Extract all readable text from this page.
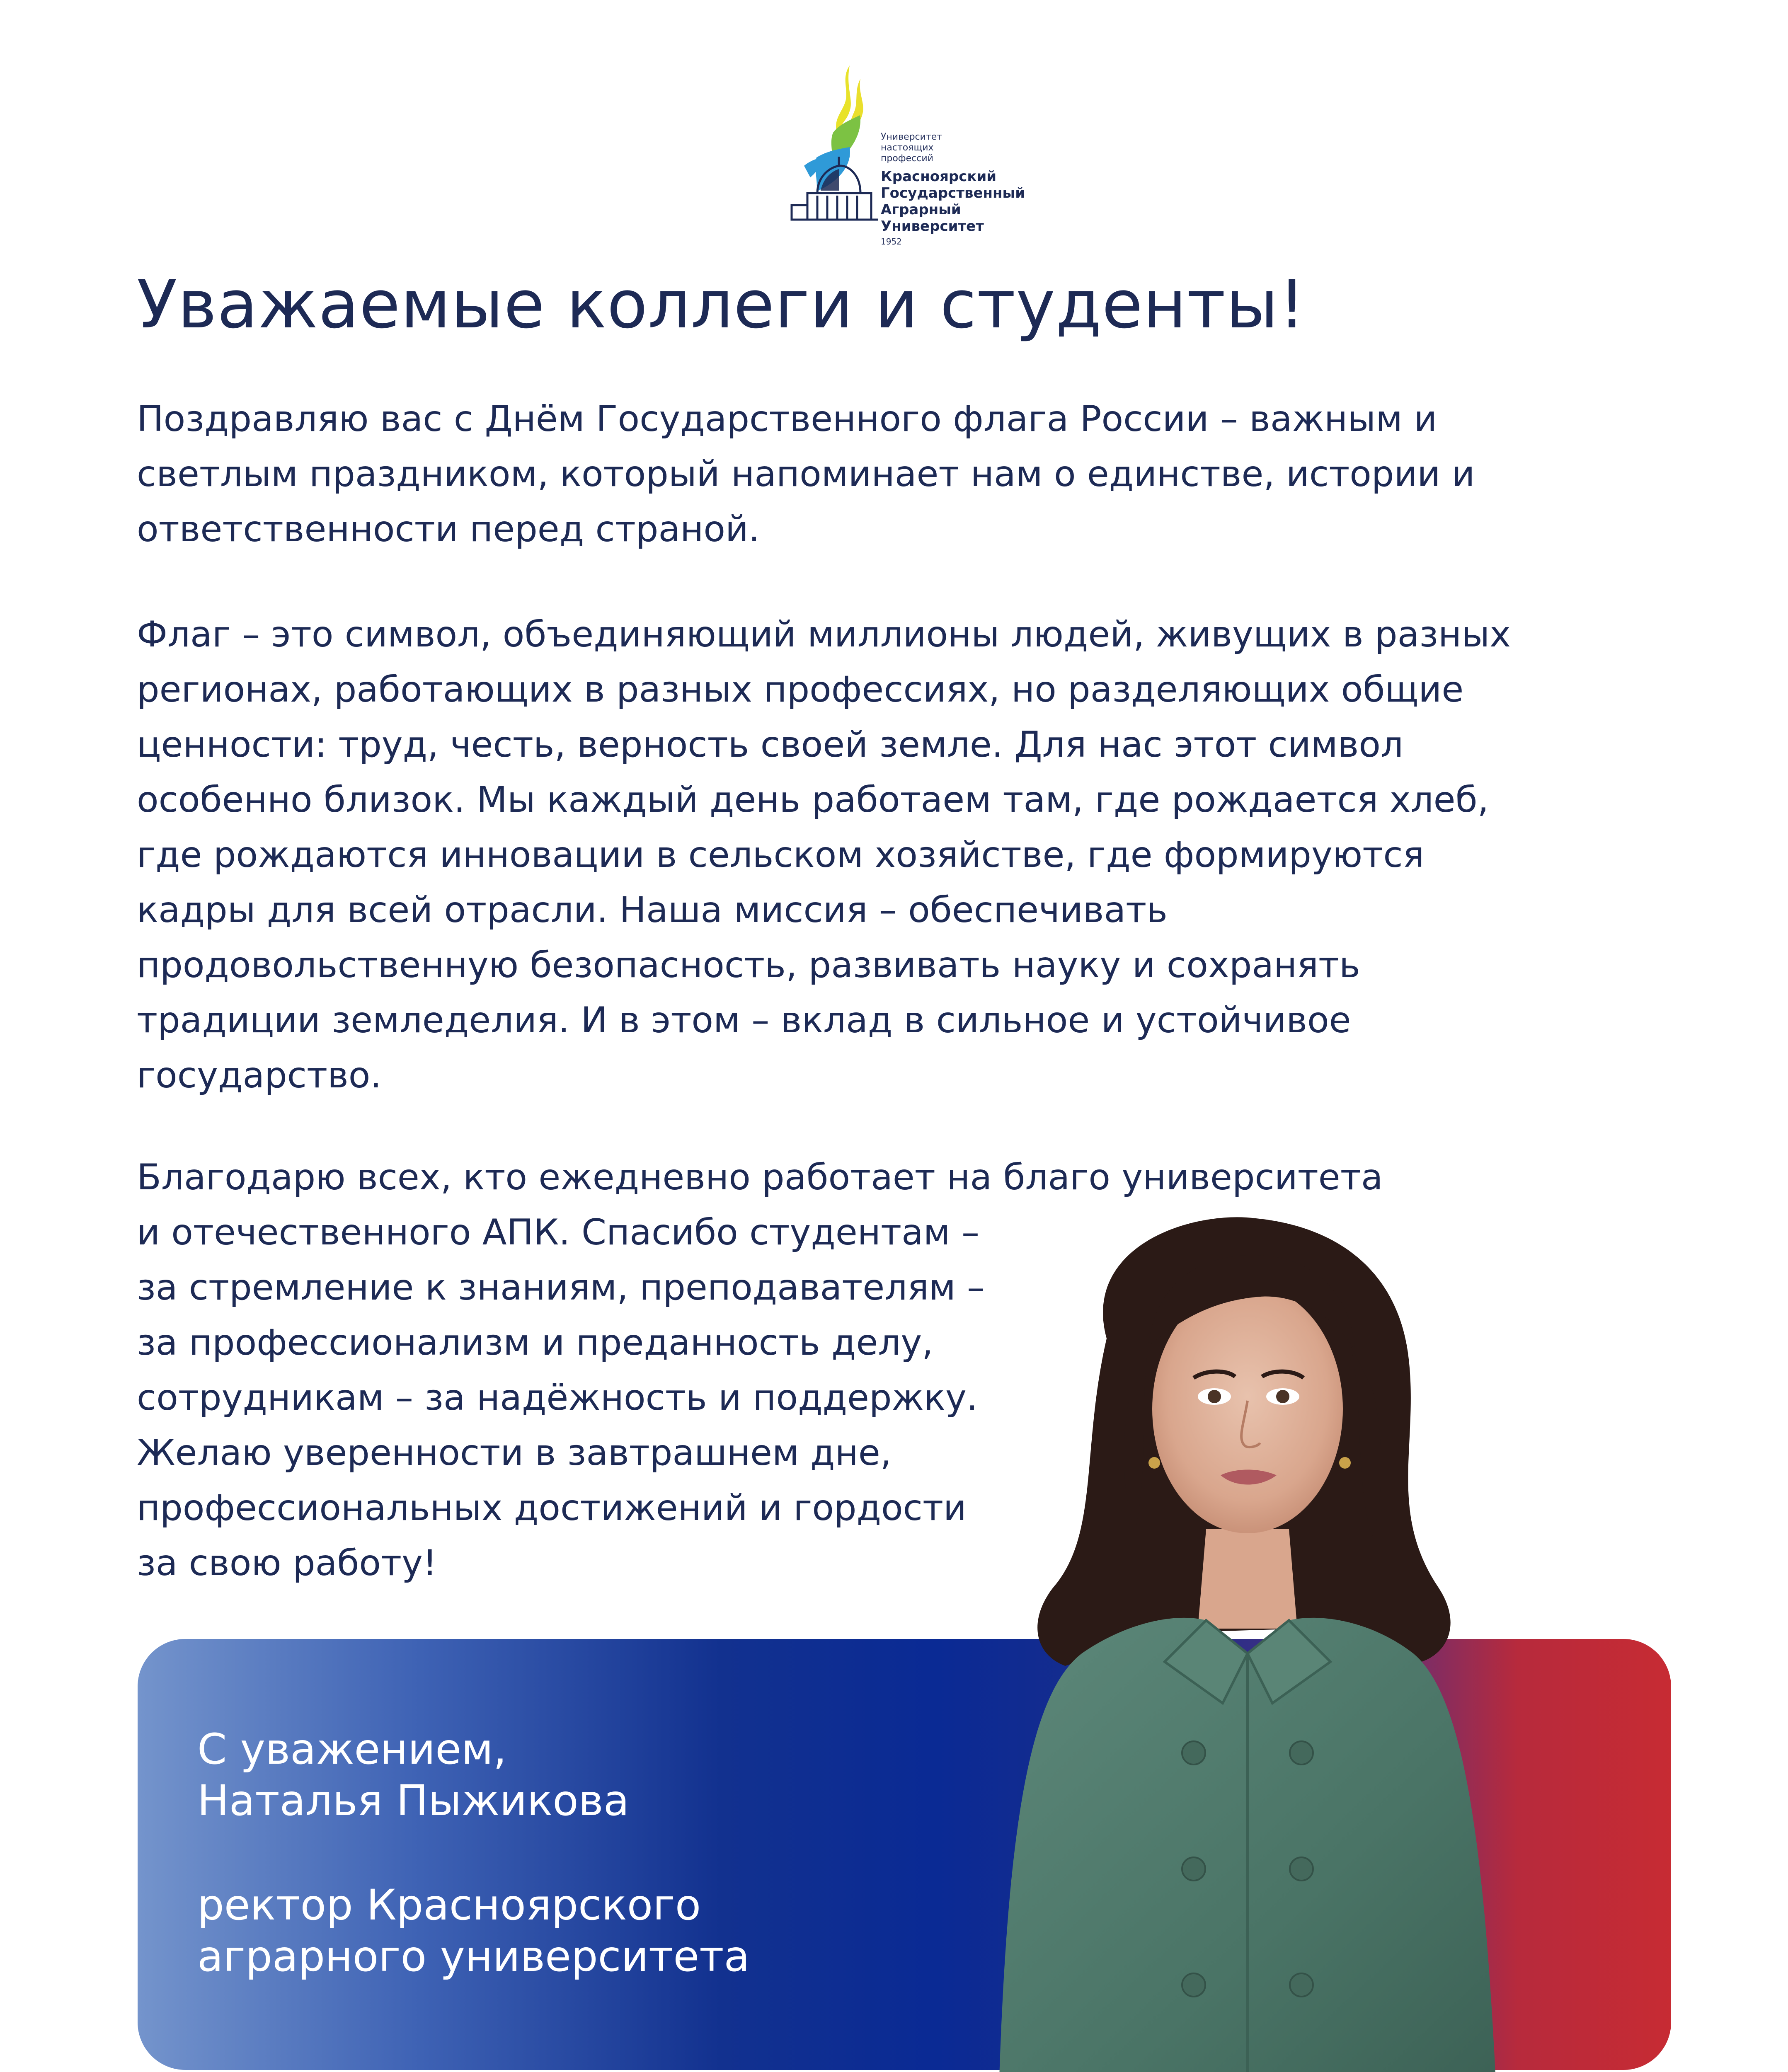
Университет настоящих профессий
Красноярский
Государственный
Аграрный
Университет
1952
Уважаемые коллеги и студенты!

Поздравляю вас с Днём Государственного флага России – важным и
светлым праздником, который напоминает нам о единстве, истории и
ответственности перед страной.

Флаг – это символ, объединяющий миллионы людей, живущих в разных
регионах, работающих в разных профессиях, но разделяющих общие
ценности: труд, честь, верность своей земле. Для нас этот символ
особенно близок. Мы каждый день работаем там, где рождается хлеб,
где рождаются инновации в сельском хозяйстве, где формируются
кадры для всей отрасли. Наша миссия – обеспечивать
продовольственную безопасность, развивать науку и сохранять
традиции земледелия. И в этом – вклад в сильное и устойчивое
государство.

Благодарю всех, кто ежедневно работает на благо университета
и отечественного АПК. Спасибо студентам –
за стремление к знаниям, преподавателям –
за профессионализм и преданность делу,
сотрудникам – за надёжность и поддержку.
Желаю уверенности в завтрашнем дне,
профессиональных достижений и гордости
за свою работу!

С уважением,
Наталья Пыжикова
ректор Красноярского
аграрного университета
